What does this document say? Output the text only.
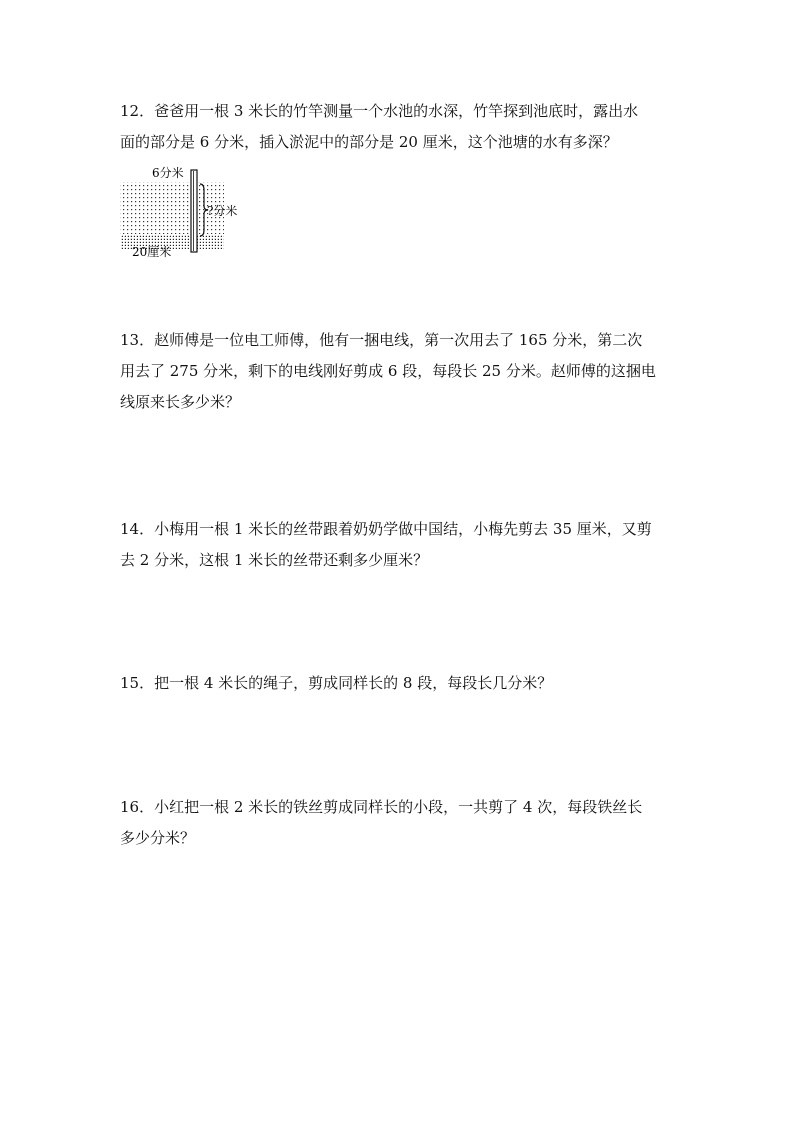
12．爸爸用一根 3 米长的竹竿测量一个水池的水深，竹竿探到池底时，露出水
面的部分是 6 分米，插入淤泥中的部分是 20 厘米，这个池塘的水有多深？
6分米
?分米
20厘米
13．赵师傅是一位电工师傅，他有一捆电线，第一次用去了 165 分米，第二次
用去了 275 分米，剩下的电线刚好剪成 6 段，每段长 25 分米。赵师傅的这捆电
线原来长多少米？
14．小梅用一根 1 米长的丝带跟着奶奶学做中国结，小梅先剪去 35 厘米，又剪
去 2 分米，这根 1 米长的丝带还剩多少厘米？
15．把一根 4 米长的绳子，剪成同样长的 8 段，每段长几分米？
16．小红把一根 2 米长的铁丝剪成同样长的小段，一共剪了 4 次，每段铁丝长
多少分米？
